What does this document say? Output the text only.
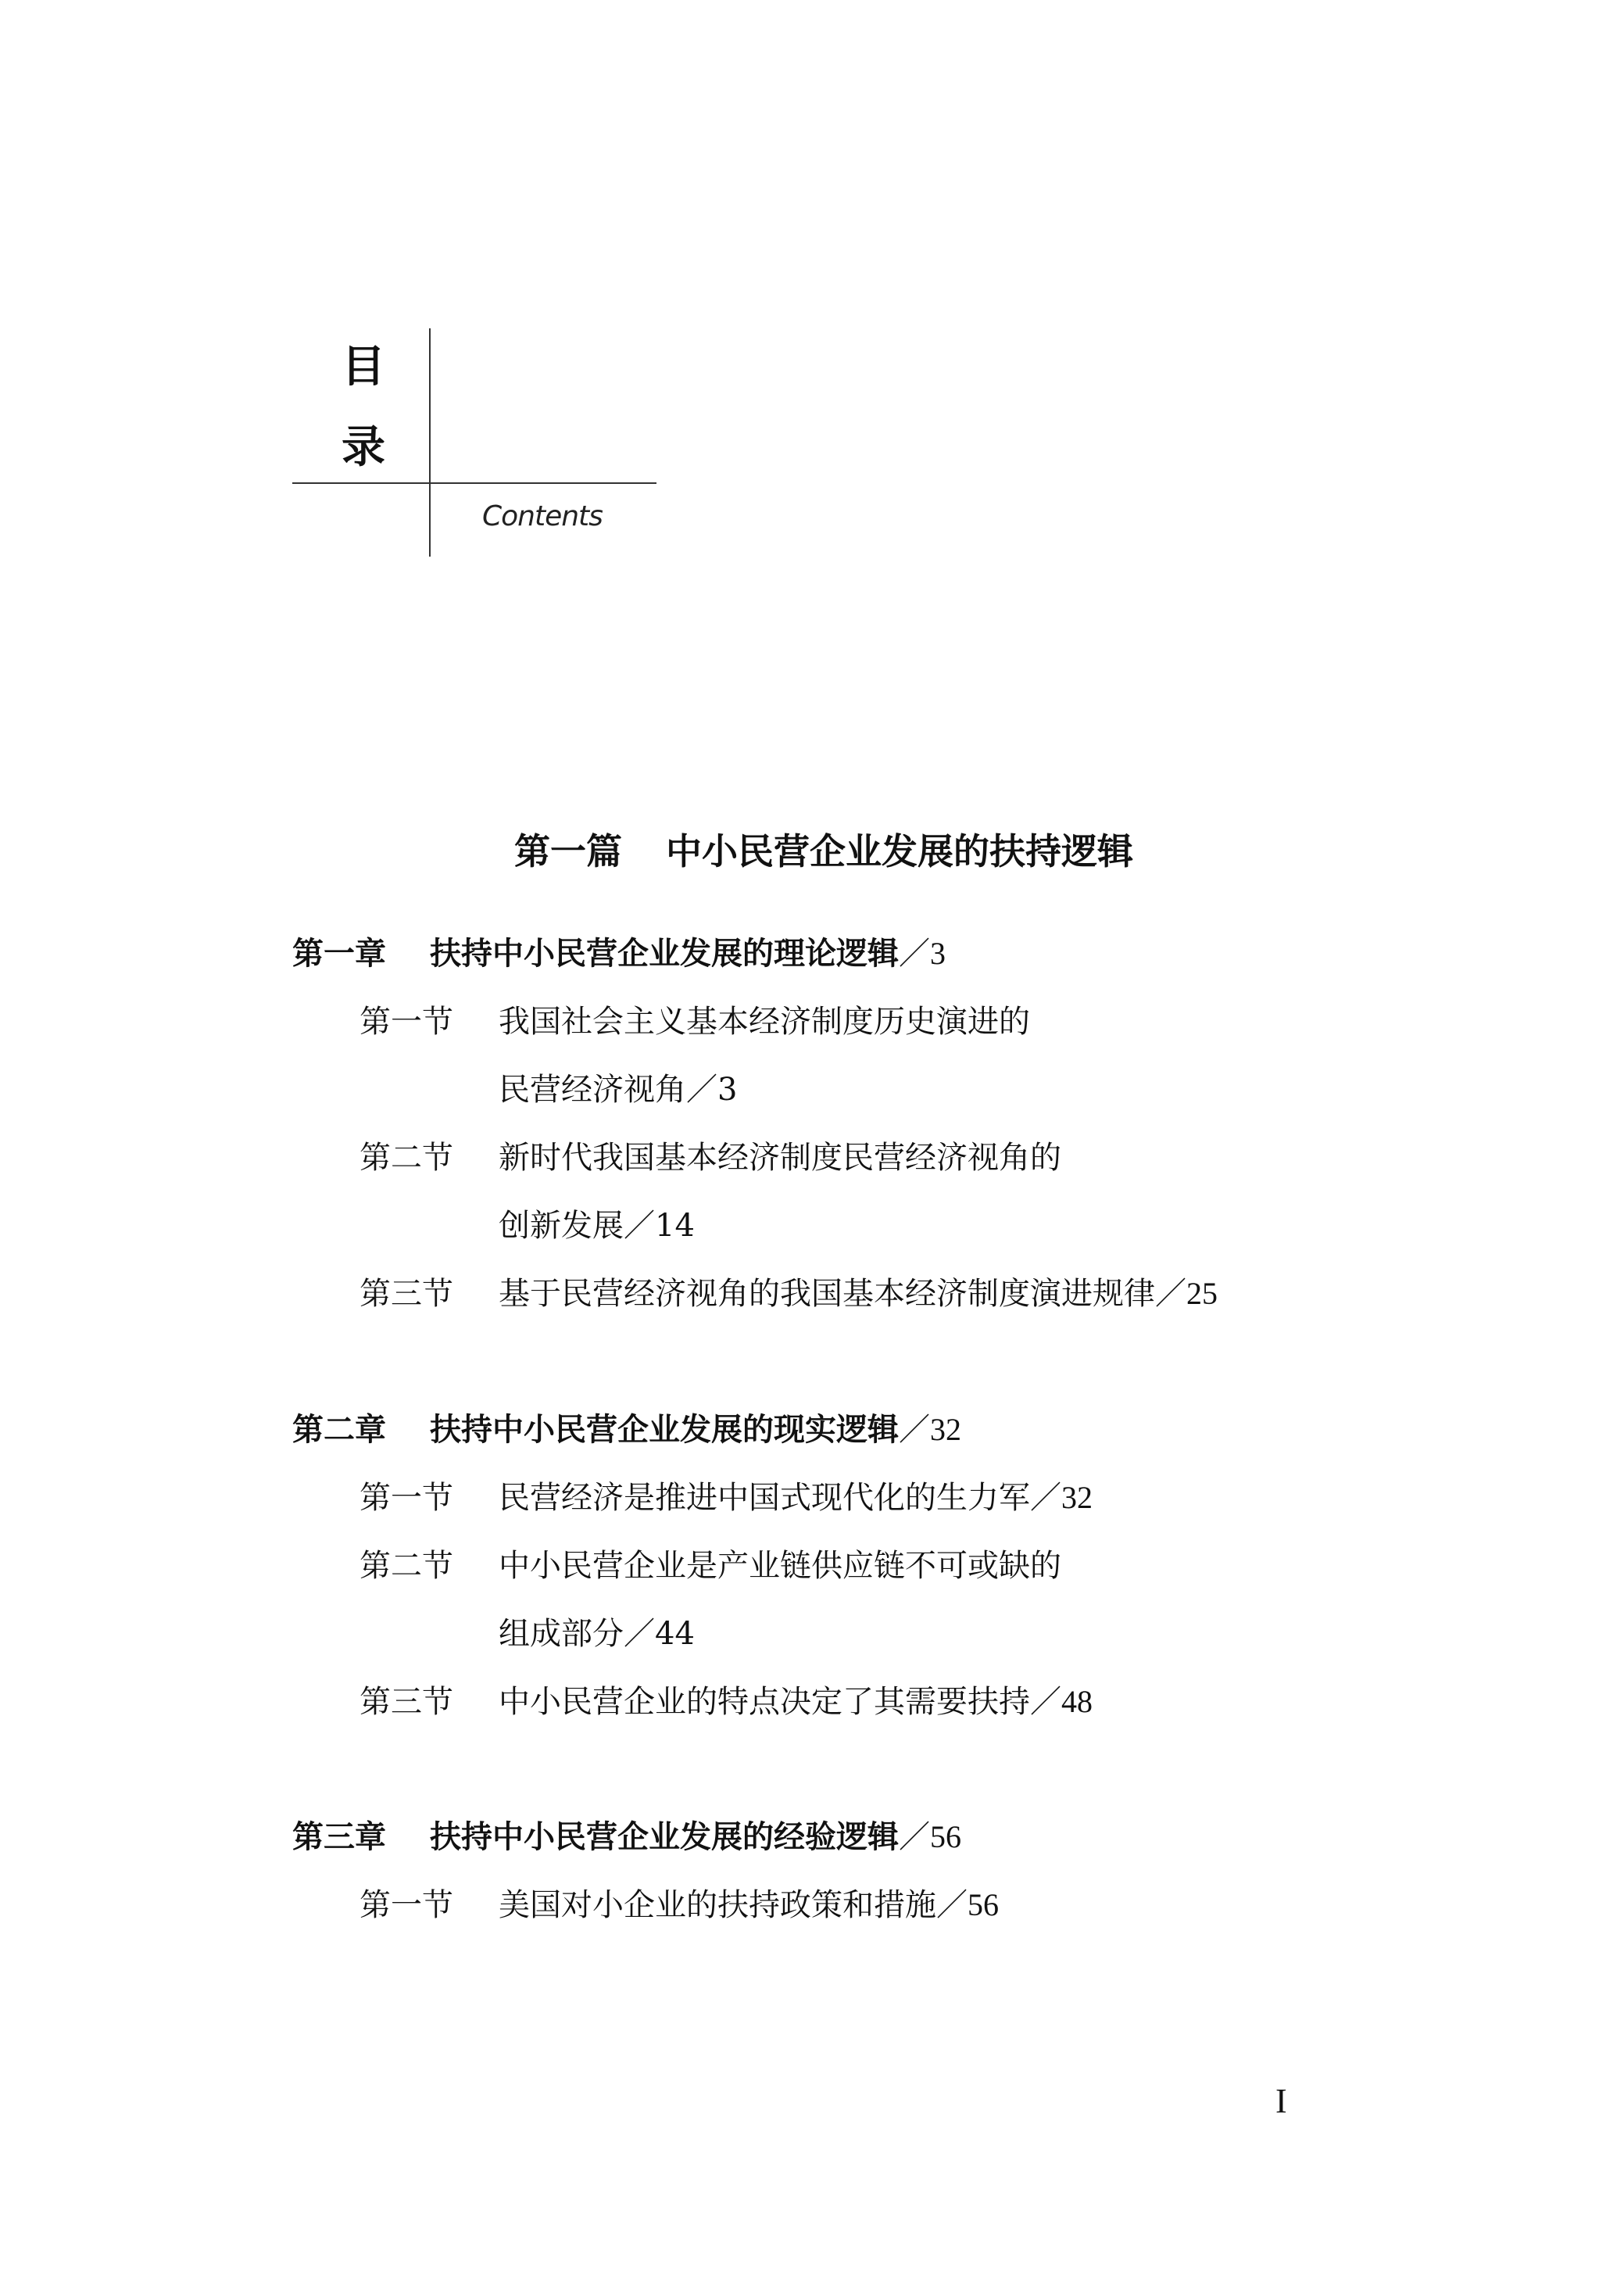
目
录
Contents
第一篇 中小民营企业发展的扶持逻辑
第一章 扶持中小民营企业发展的理论逻辑／3
第一节 我国社会主义基本经济制度历史演进的
民营经济视角／3
第二节 新时代我国基本经济制度民营经济视角的
创新发展／14
第三节 基于民营经济视角的我国基本经济制度演进规律／25
第二章 扶持中小民营企业发展的现实逻辑／32
第一节 民营经济是推进中国式现代化的生力军／32
第二节 中小民营企业是产业链供应链不可或缺的
组成部分／44
第三节 中小民营企业的特点决定了其需要扶持／48
第三章 扶持中小民营企业发展的经验逻辑／56
第一节 美国对小企业的扶持政策和措施／56
I
